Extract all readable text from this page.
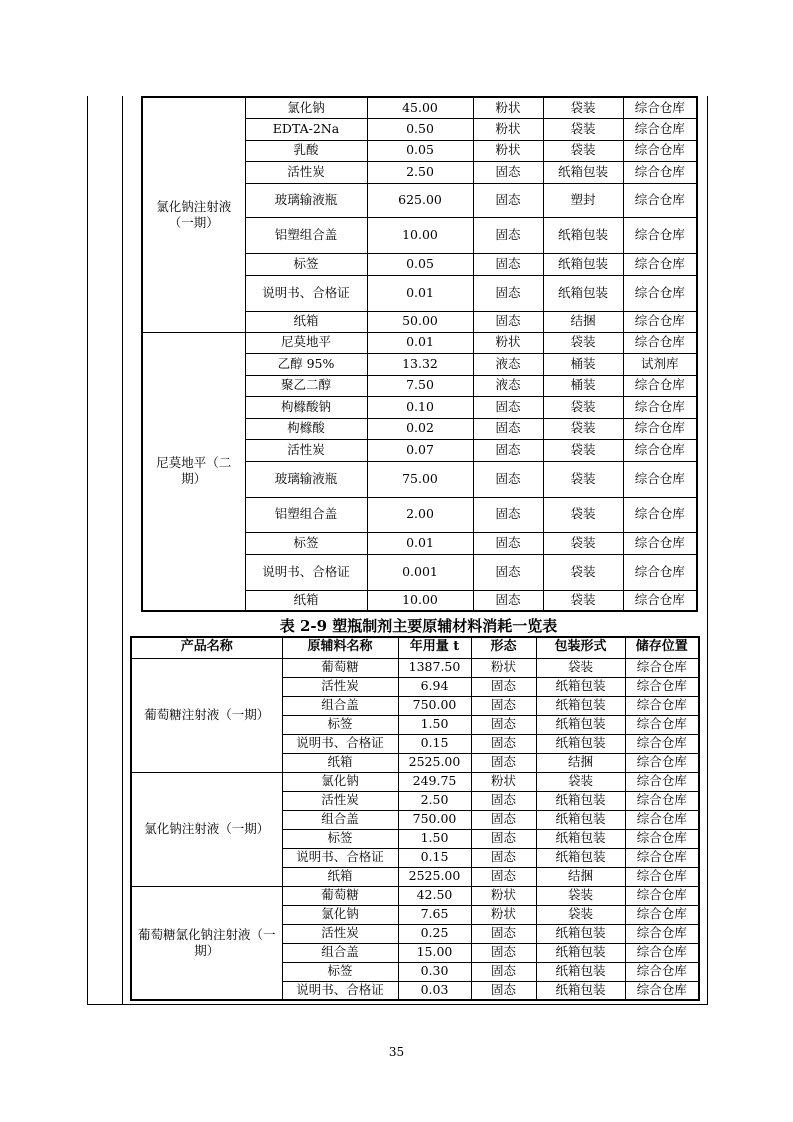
氯化钠注射液（一期）	氯化钠	45.00	粉状	袋装	综合仓库
	EDTA-2Na	0.50	粉状	袋装	综合仓库
	乳酸	0.05	粉状	袋装	综合仓库
	活性炭	2.50	固态	纸箱包装	综合仓库
	玻璃输液瓶	625.00	固态	塑封	综合仓库
	铝塑组合盖	10.00	固态	纸箱包装	综合仓库
	标签	0.05	固态	纸箱包装	综合仓库
	说明书、合格证	0.01	固态	纸箱包装	综合仓库
	纸箱	50.00	固态	结捆	综合仓库
尼莫地平（二期）	尼莫地平	0.01	粉状	袋装	综合仓库
	乙醇 95%	13.32	液态	桶装	试剂库
	聚乙二醇	7.50	液态	桶装	综合仓库
	枸橼酸钠	0.10	固态	袋装	综合仓库
	枸橼酸	0.02	固态	袋装	综合仓库
	活性炭	0.07	固态	袋装	综合仓库
	玻璃输液瓶	75.00	固态	袋装	综合仓库
	铝塑组合盖	2.00	固态	袋装	综合仓库
	标签	0.01	固态	袋装	综合仓库
	说明书、合格证	0.001	固态	袋装	综合仓库
	纸箱	10.00	固态	袋装	综合仓库
表 2-9 塑瓶制剂主要原辅材料消耗一览表
产品名称	原辅料名称	年用量 t	形态	包装形式	储存位置
葡萄糖注射液（一期）	葡萄糖	1387.50	粉状	袋装	综合仓库
	活性炭	6.94	固态	纸箱包装	综合仓库
	组合盖	750.00	固态	纸箱包装	综合仓库
	标签	1.50	固态	纸箱包装	综合仓库
	说明书、合格证	0.15	固态	纸箱包装	综合仓库
	纸箱	2525.00	固态	结捆	综合仓库
氯化钠注射液（一期）	氯化钠	249.75	粉状	袋装	综合仓库
	活性炭	2.50	固态	纸箱包装	综合仓库
	组合盖	750.00	固态	纸箱包装	综合仓库
	标签	1.50	固态	纸箱包装	综合仓库
	说明书、合格证	0.15	固态	纸箱包装	综合仓库
	纸箱	2525.00	固态	结捆	综合仓库
葡萄糖氯化钠注射液（一期）	葡萄糖	42.50	粉状	袋装	综合仓库
	氯化钠	7.65	粉状	袋装	综合仓库
	活性炭	0.25	固态	纸箱包装	综合仓库
	组合盖	15.00	固态	纸箱包装	综合仓库
	标签	0.30	固态	纸箱包装	综合仓库
	说明书、合格证	0.03	固态	纸箱包装	综合仓库
35
